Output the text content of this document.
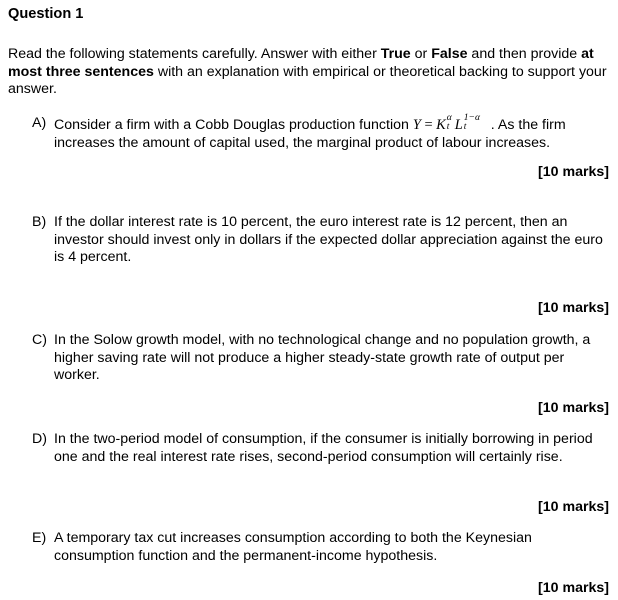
Question 1
Read the following statements carefully. Answer with either True or False and then provide at most three sentences with an explanation with empirical or theoretical backing to support your answer.
A) Consider a firm with a Cobb Douglas production function Y = K α
t L 1−α
t . As the firm increases the amount of capital used, the marginal product of labour increases.
[10 marks]
B) If the dollar interest rate is 10 percent, the euro interest rate is 12 percent, then an investor should invest only in dollars if the expected dollar appreciation against the euro is 4 percent.
[10 marks]
C) In the Solow growth model, with no technological change and no population growth, a higher saving rate will not produce a higher steady-state growth rate of output per worker.
[10 marks]
D) In the two-period model of consumption, if the consumer is initially borrowing in period one and the real interest rate rises, second-period consumption will certainly rise.
[10 marks]
E) A temporary tax cut increases consumption according to both the Keynesian consumption function and the permanent-income hypothesis.
[10 marks]
